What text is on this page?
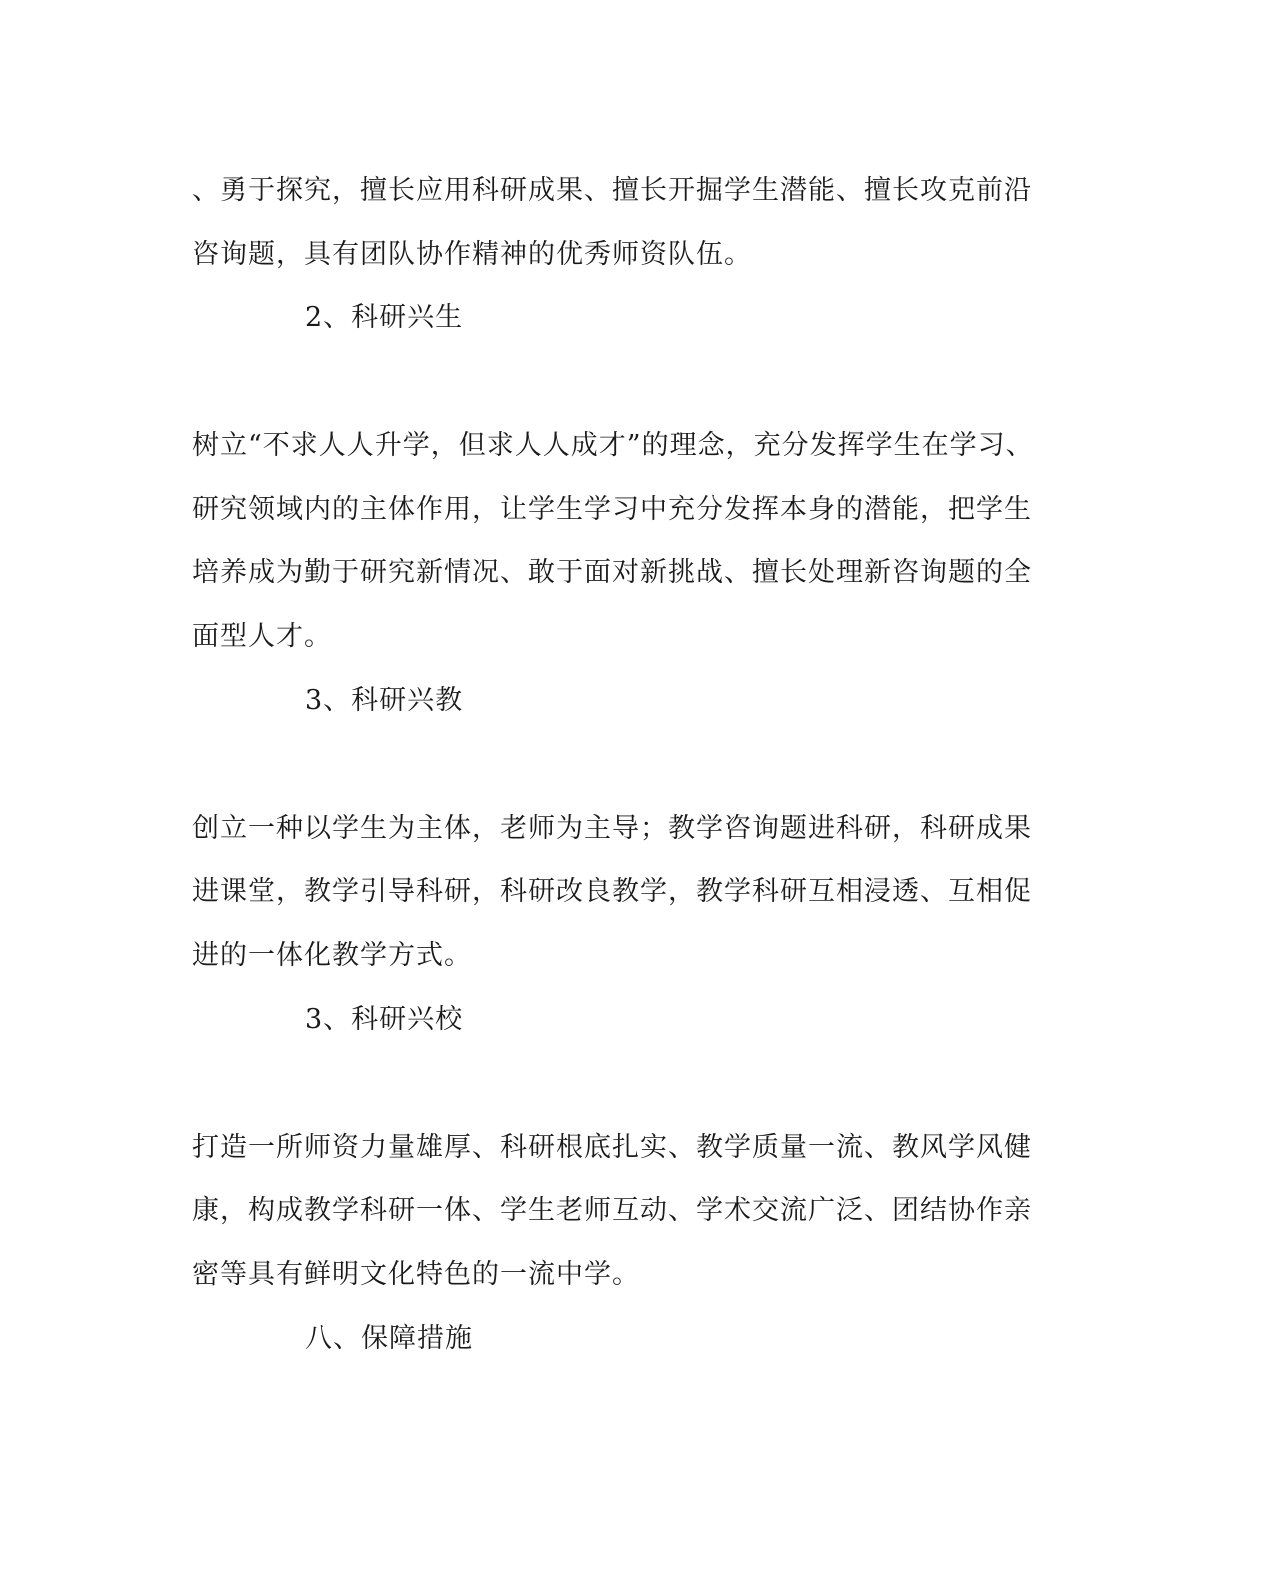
、勇于探究，擅长应用科研成果、擅长开掘学生潜能、擅长攻克前沿
咨询题，具有团队协作精神的优秀师资队伍。
2、科研兴生
树立“不求人人升学，但求人人成才”的理念，充分发挥学生在学习、
研究领域内的主体作用，让学生学习中充分发挥本身的潜能，把学生
培养成为勤于研究新情况、敢于面对新挑战、擅长处理新咨询题的全
面型人才。
3、科研兴教
创立一种以学生为主体，老师为主导；教学咨询题进科研，科研成果
进课堂，教学引导科研，科研改良教学，教学科研互相浸透、互相促
进的一体化教学方式。
3、科研兴校
打造一所师资力量雄厚、科研根底扎实、教学质量一流、教风学风健
康，构成教学科研一体、学生老师互动、学术交流广泛、团结协作亲
密等具有鲜明文化特色的一流中学。
八、保障措施
